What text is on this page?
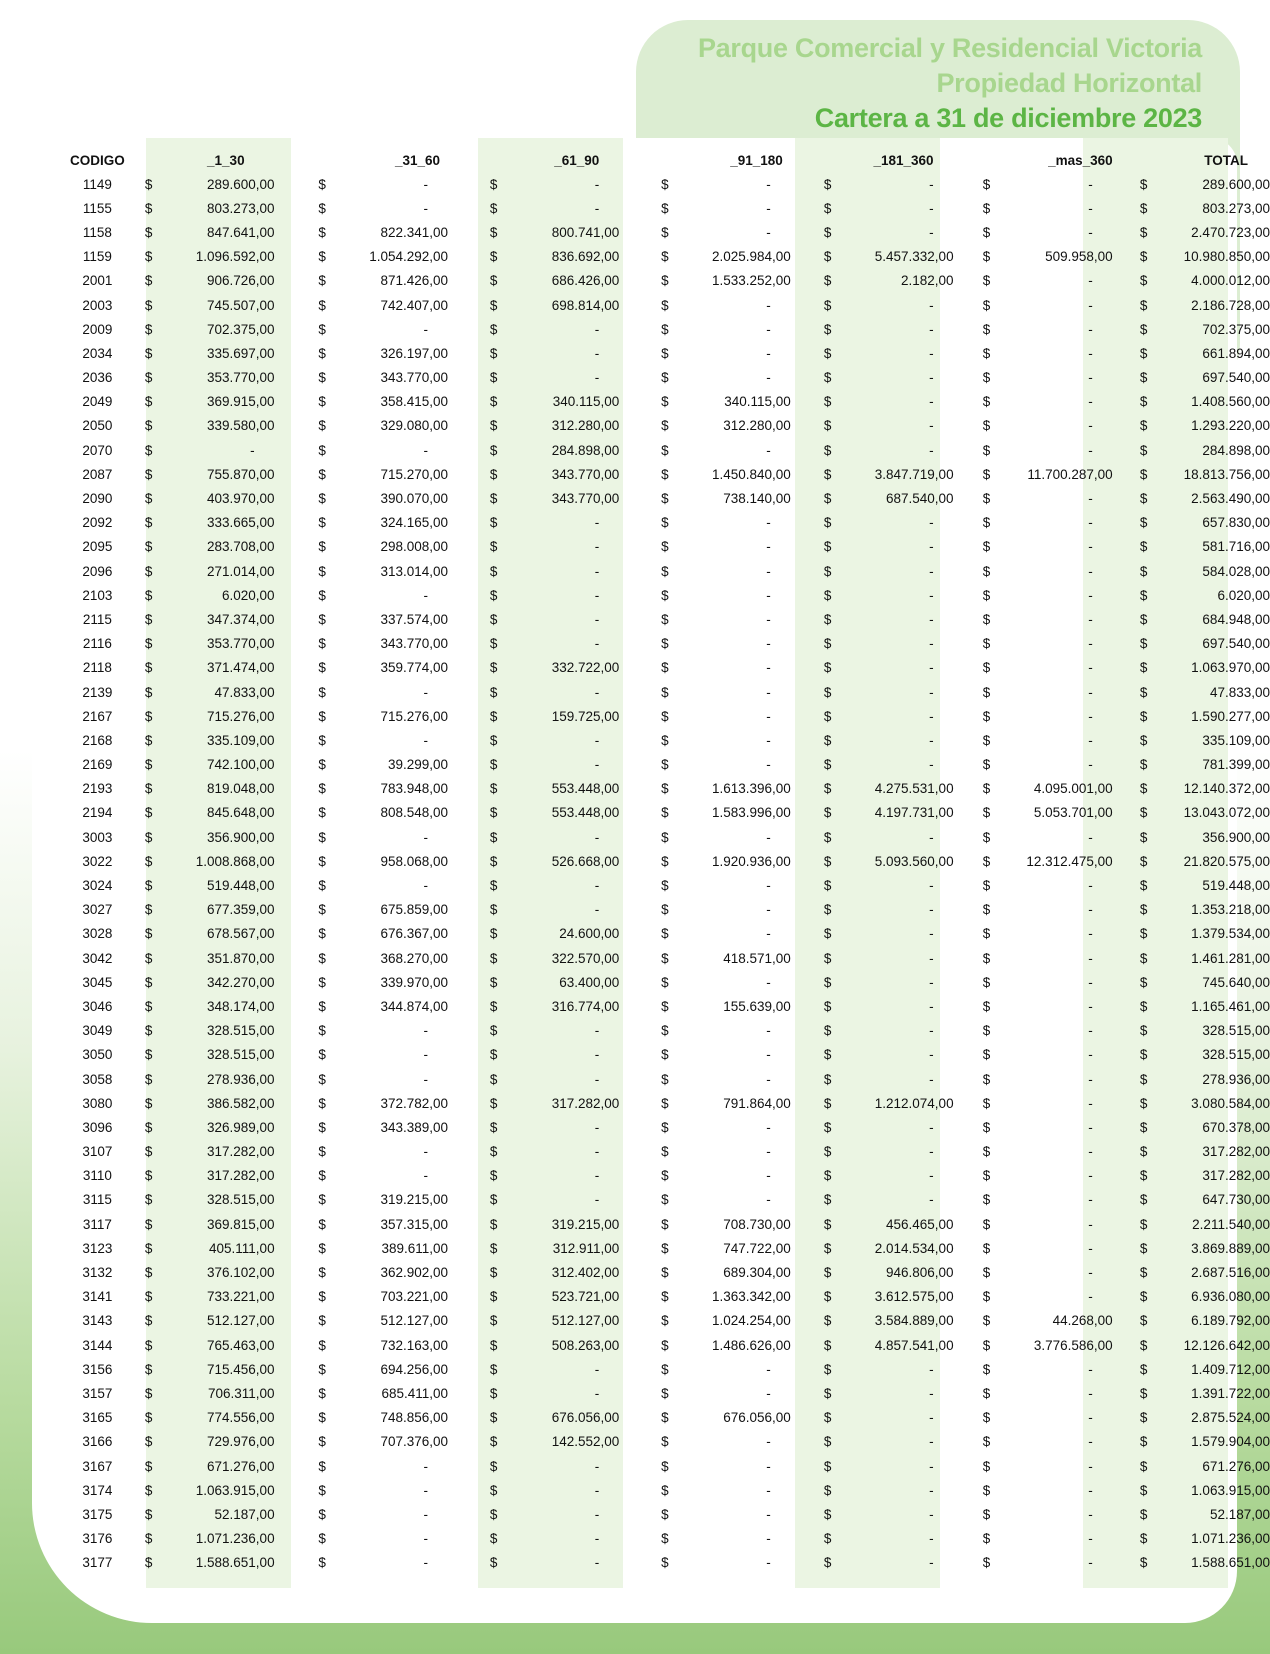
Parque Comercial y Residencial Victoria
Propiedad Horizontal
Cartera a 31 de diciembre 2023
CODIGO	_1_30			_31_60			_61_90			_91_180			_181_360			_mas_360			TOTAL	
1149	$	289.600,00		$	-		$	-		$	-		$	-		$	-		$	289.600,00
1155	$	803.273,00		$	-		$	-		$	-		$	-		$	-		$	803.273,00
1158	$	847.641,00		$	822.341,00		$	800.741,00		$	-		$	-		$	-		$	2.470.723,00
1159	$	1.096.592,00		$	1.054.292,00		$	836.692,00		$	2.025.984,00		$	5.457.332,00		$	509.958,00		$	10.980.850,00
2001	$	906.726,00		$	871.426,00		$	686.426,00		$	1.533.252,00		$	2.182,00		$	-		$	4.000.012,00
2003	$	745.507,00		$	742.407,00		$	698.814,00		$	-		$	-		$	-		$	2.186.728,00
2009	$	702.375,00		$	-		$	-		$	-		$	-		$	-		$	702.375,00
2034	$	335.697,00		$	326.197,00		$	-		$	-		$	-		$	-		$	661.894,00
2036	$	353.770,00		$	343.770,00		$	-		$	-		$	-		$	-		$	697.540,00
2049	$	369.915,00		$	358.415,00		$	340.115,00		$	340.115,00		$	-		$	-		$	1.408.560,00
2050	$	339.580,00		$	329.080,00		$	312.280,00		$	312.280,00		$	-		$	-		$	1.293.220,00
2070	$	-		$	-		$	284.898,00		$	-		$	-		$	-		$	284.898,00
2087	$	755.870,00		$	715.270,00		$	343.770,00		$	1.450.840,00		$	3.847.719,00		$	11.700.287,00		$	18.813.756,00
2090	$	403.970,00		$	390.070,00		$	343.770,00		$	738.140,00		$	687.540,00		$	-		$	2.563.490,00
2092	$	333.665,00		$	324.165,00		$	-		$	-		$	-		$	-		$	657.830,00
2095	$	283.708,00		$	298.008,00		$	-		$	-		$	-		$	-		$	581.716,00
2096	$	271.014,00		$	313.014,00		$	-		$	-		$	-		$	-		$	584.028,00
2103	$	6.020,00		$	-		$	-		$	-		$	-		$	-		$	6.020,00
2115	$	347.374,00		$	337.574,00		$	-		$	-		$	-		$	-		$	684.948,00
2116	$	353.770,00		$	343.770,00		$	-		$	-		$	-		$	-		$	697.540,00
2118	$	371.474,00		$	359.774,00		$	332.722,00		$	-		$	-		$	-		$	1.063.970,00
2139	$	47.833,00		$	-		$	-		$	-		$	-		$	-		$	47.833,00
2167	$	715.276,00		$	715.276,00		$	159.725,00		$	-		$	-		$	-		$	1.590.277,00
2168	$	335.109,00		$	-		$	-		$	-		$	-		$	-		$	335.109,00
2169	$	742.100,00		$	39.299,00		$	-		$	-		$	-		$	-		$	781.399,00
2193	$	819.048,00		$	783.948,00		$	553.448,00		$	1.613.396,00		$	4.275.531,00		$	4.095.001,00		$	12.140.372,00
2194	$	845.648,00		$	808.548,00		$	553.448,00		$	1.583.996,00		$	4.197.731,00		$	5.053.701,00		$	13.043.072,00
3003	$	356.900,00		$	-		$	-		$	-		$	-		$	-		$	356.900,00
3022	$	1.008.868,00		$	958.068,00		$	526.668,00		$	1.920.936,00		$	5.093.560,00		$	12.312.475,00		$	21.820.575,00
3024	$	519.448,00		$	-		$	-		$	-		$	-		$	-		$	519.448,00
3027	$	677.359,00		$	675.859,00		$	-		$	-		$	-		$	-		$	1.353.218,00
3028	$	678.567,00		$	676.367,00		$	24.600,00		$	-		$	-		$	-		$	1.379.534,00
3042	$	351.870,00		$	368.270,00		$	322.570,00		$	418.571,00		$	-		$	-		$	1.461.281,00
3045	$	342.270,00		$	339.970,00		$	63.400,00		$	-		$	-		$	-		$	745.640,00
3046	$	348.174,00		$	344.874,00		$	316.774,00		$	155.639,00		$	-		$	-		$	1.165.461,00
3049	$	328.515,00		$	-		$	-		$	-		$	-		$	-		$	328.515,00
3050	$	328.515,00		$	-		$	-		$	-		$	-		$	-		$	328.515,00
3058	$	278.936,00		$	-		$	-		$	-		$	-		$	-		$	278.936,00
3080	$	386.582,00		$	372.782,00		$	317.282,00		$	791.864,00		$	1.212.074,00		$	-		$	3.080.584,00
3096	$	326.989,00		$	343.389,00		$	-		$	-		$	-		$	-		$	670.378,00
3107	$	317.282,00		$	-		$	-		$	-		$	-		$	-		$	317.282,00
3110	$	317.282,00		$	-		$	-		$	-		$	-		$	-		$	317.282,00
3115	$	328.515,00		$	319.215,00		$	-		$	-		$	-		$	-		$	647.730,00
3117	$	369.815,00		$	357.315,00		$	319.215,00		$	708.730,00		$	456.465,00		$	-		$	2.211.540,00
3123	$	405.111,00		$	389.611,00		$	312.911,00		$	747.722,00		$	2.014.534,00		$	-		$	3.869.889,00
3132	$	376.102,00		$	362.902,00		$	312.402,00		$	689.304,00		$	946.806,00		$	-		$	2.687.516,00
3141	$	733.221,00		$	703.221,00		$	523.721,00		$	1.363.342,00		$	3.612.575,00		$	-		$	6.936.080,00
3143	$	512.127,00		$	512.127,00		$	512.127,00		$	1.024.254,00		$	3.584.889,00		$	44.268,00		$	6.189.792,00
3144	$	765.463,00		$	732.163,00		$	508.263,00		$	1.486.626,00		$	4.857.541,00		$	3.776.586,00		$	12.126.642,00
3156	$	715.456,00		$	694.256,00		$	-		$	-		$	-		$	-		$	1.409.712,00
3157	$	706.311,00		$	685.411,00		$	-		$	-		$	-		$	-		$	1.391.722,00
3165	$	774.556,00		$	748.856,00		$	676.056,00		$	676.056,00		$	-		$	-		$	2.875.524,00
3166	$	729.976,00		$	707.376,00		$	142.552,00		$	-		$	-		$	-		$	1.579.904,00
3167	$	671.276,00		$	-		$	-		$	-		$	-		$	-		$	671.276,00
3174	$	1.063.915,00		$	-		$	-		$	-		$	-		$	-		$	1.063.915,00
3175	$	52.187,00		$	-		$	-		$	-		$	-		$	-		$	52.187,00
3176	$	1.071.236,00		$	-		$	-		$	-		$	-		$	-		$	1.071.236,00
3177	$	1.588.651,00		$	-		$	-		$	-		$	-		$	-		$	1.588.651,00
